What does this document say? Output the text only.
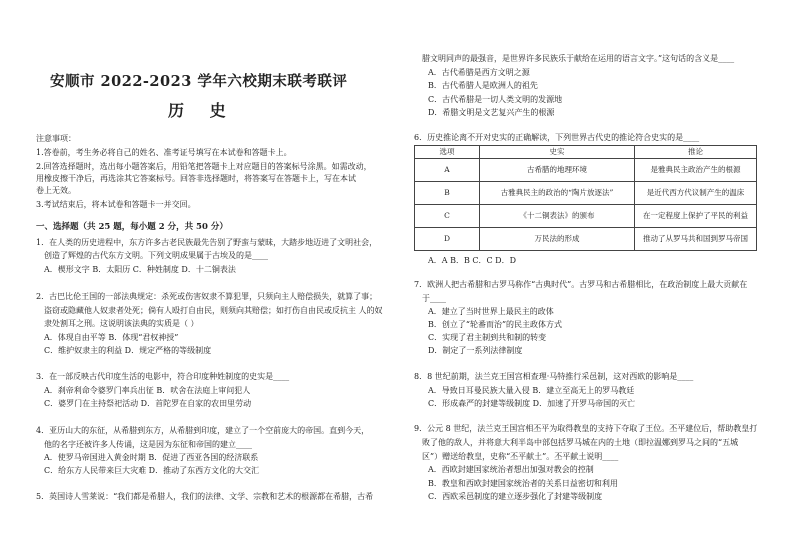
安顺市 2022-2023 学年六校期末联考联评
历 史
注意事项：
1.答卷前，考生务必将自己的姓名、准考证号填写在本试卷和答题卡上。
2.回答选择题时，选出每小题答案后，用铅笔把答题卡上对应题目的答案标号涂黑。如需改动，
用橡皮擦干净后，再选涂其它答案标号。回答非选择题时，将答案写在答题卡上，写在本试
卷上无效。
3.考试结束后，将本试卷和答题卡一并交回。
一、选择题（共 25 题，每小题 2 分，共 50 分）
1．在人类的历史进程中，东方许多古老民族最先告别了野蛮与蒙昧，大踏步地迈进了文明社会，
创造了辉煌的古代东方文明。下列文明成果属于古埃及的是____
A．楔形文字 B．太阳历 C．种姓制度 D．十二铜表法
2．古巴比伦王国的一部法典规定：杀死或伤害奴隶不算犯罪，只须向主人赔偿损失，就算了事；
盗窃或隐藏他人奴隶者处死；倘有人殴打自由民，则须向其赔偿；如打伤自由民或反抗主 人的奴
隶处割耳之刑。这说明该法典的实质是（ ）
A．体现自由平等 B．体现“君权神授”
C．维护奴隶主的利益 D．规定严格的等级制度
3．在一部反映古代印度生活的电影中，符合印度种姓制度的史实是____
A．刹帝利命令婆罗门率兵出征 B．吠舍在法庭上审问犯人
C．婆罗门在主持祭祀活动 D．首陀罗在自家的农田里劳动
4．亚历山大的东征，从希腊到东方，从希腊到印度，建立了一个空前庞大的帝国。直到今天，
他的名字还被许多人传诵，这是因为东征和帝国的建立____
A．使罗马帝国进入黄金时期 B．促进了西亚各国的经济联系
C．给东方人民带来巨大灾难 D．推动了东西方文化的大交汇
5．英国诗人雪莱说：“我们都是希腊人，我们的法律、文学、宗教和艺术的根源都在希腊，古希
腊文明同声的最强音，是世界许多民族乐于献给在运用的语言文字。”这句话的含义是____
A．古代希腊是西方文明之源
B．古代希腊人是欧洲人的祖先
C．古代希腊是一切人类文明的发源地
D．希腊文明是文艺复兴产生的根源
6．历史推论离不开对史实的正确解读，下列世界古代史的推论符合史实的是____
选项	史实	推论
A	古希腊的地理环境	是雅典民主政治产生的根源
B	古雅典民主的政治的“陶片放逐法”	是近代西方代议制产生的温床
C	《十二铜表法》的颁布	在一定程度上保护了平民的利益
D	万民法的形成	推动了从罗马共和国到罗马帝国
A．A B．B C．C D．D
7．欧洲人把古希腊和古罗马称作“古典时代”。古罗马和古希腊相比，在政治制度上最大贡献在
于____
A．建立了当时世界上最民主的政体
B．创立了“轮番而治”的民主政体方式
C．实现了君主制到共和制的转变
D．制定了一系列法律制度
8．8 世纪前期，法兰克王国宫相查理·马特推行采邑制，这对西欧的影响是____
A．导致日耳曼民族大量入侵 B．建立至高无上的罗马教廷
C．形成森严的封建等级制度 D．加速了开罗马帝国的灭亡
9．公元 8 世纪，法兰克王国宫相丕平为取得教皇的支持下夺取了王位。丕平建位后，帮助教皇打
败了他的敌人，并将意大利半岛中部包括罗马城在内的土地（即拉温娜到罗马之间的“五城
区”）赠送给教皇，史称“丕平献土”。丕平献土说明____
A．西欧封建国家统治者想出加强对教会的控制
B．教皇和西欧封建国家统治者的关系日益密切和利用
C．西欧采邑制度的建立逐步强化了封建等级制度
